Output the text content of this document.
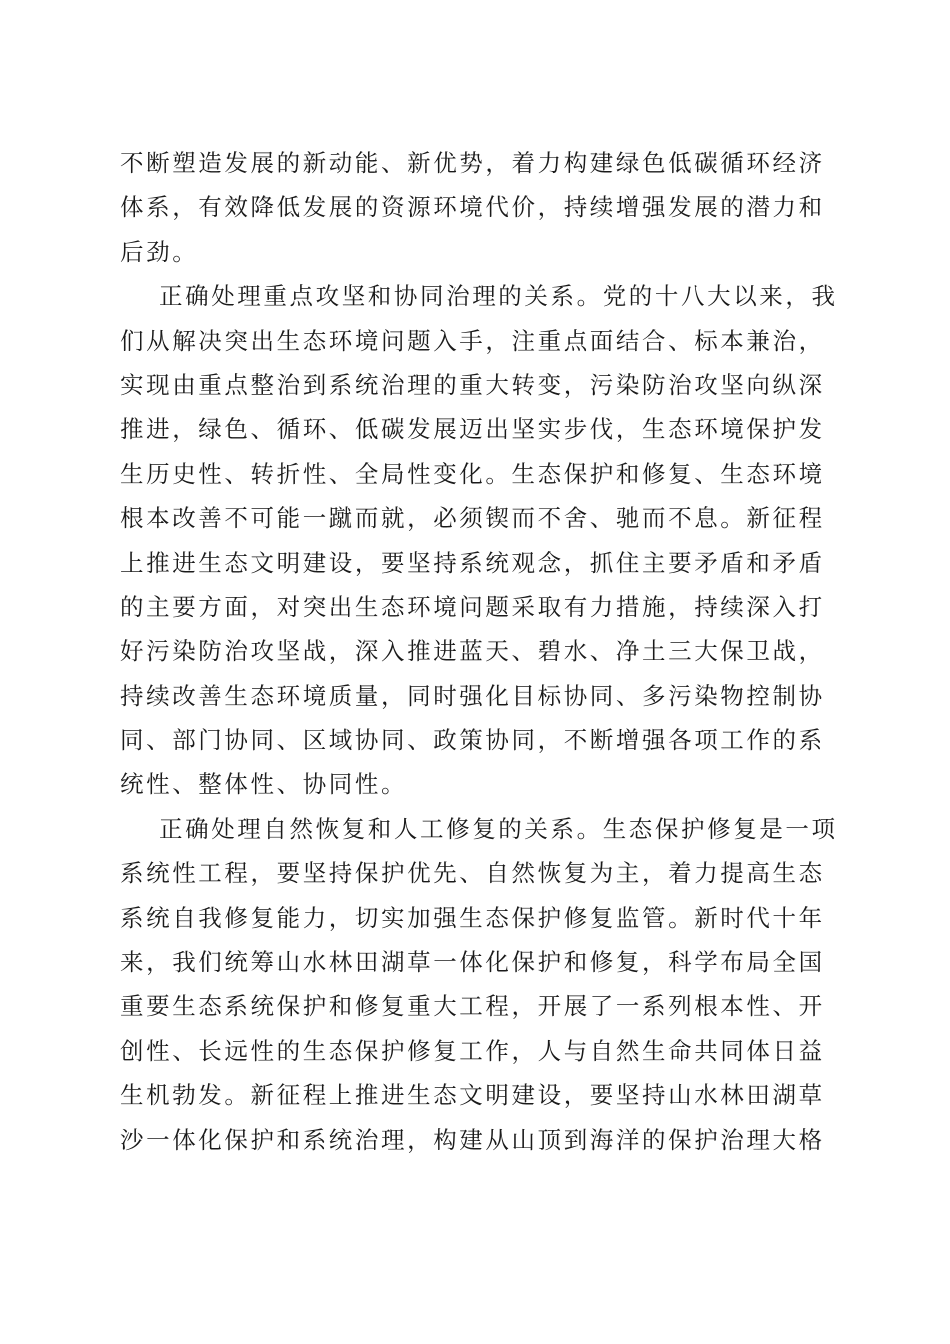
不断塑造发展的新动能、新优势，着力构建绿色低碳循环经济
体系，有效降低发展的资源环境代价，持续增强发展的潜力和
后劲。
正确处理重点攻坚和协同治理的关系。党的十八大以来，我
们从解决突出生态环境问题入手，注重点面结合、标本兼治，
实现由重点整治到系统治理的重大转变，污染防治攻坚向纵深
推进，绿色、循环、低碳发展迈出坚实步伐，生态环境保护发
生历史性、转折性、全局性变化。生态保护和修复、生态环境
根本改善不可能一蹴而就，必须锲而不舍、驰而不息。新征程
上推进生态文明建设，要坚持系统观念，抓住主要矛盾和矛盾
的主要方面，对突出生态环境问题采取有力措施，持续深入打
好污染防治攻坚战，深入推进蓝天、碧水、净土三大保卫战，
持续改善生态环境质量，同时强化目标协同、多污染物控制协
同、部门协同、区域协同、政策协同，不断增强各项工作的系
统性、整体性、协同性。
正确处理自然恢复和人工修复的关系。生态保护修复是一项
系统性工程，要坚持保护优先、自然恢复为主，着力提高生态
系统自我修复能力，切实加强生态保护修复监管。新时代十年
来，我们统筹山水林田湖草一体化保护和修复，科学布局全国
重要生态系统保护和修复重大工程，开展了一系列根本性、开
创性、长远性的生态保护修复工作，人与自然生命共同体日益
生机勃发。新征程上推进生态文明建设，要坚持山水林田湖草
沙一体化保护和系统治理，构建从山顶到海洋的保护治理大格
